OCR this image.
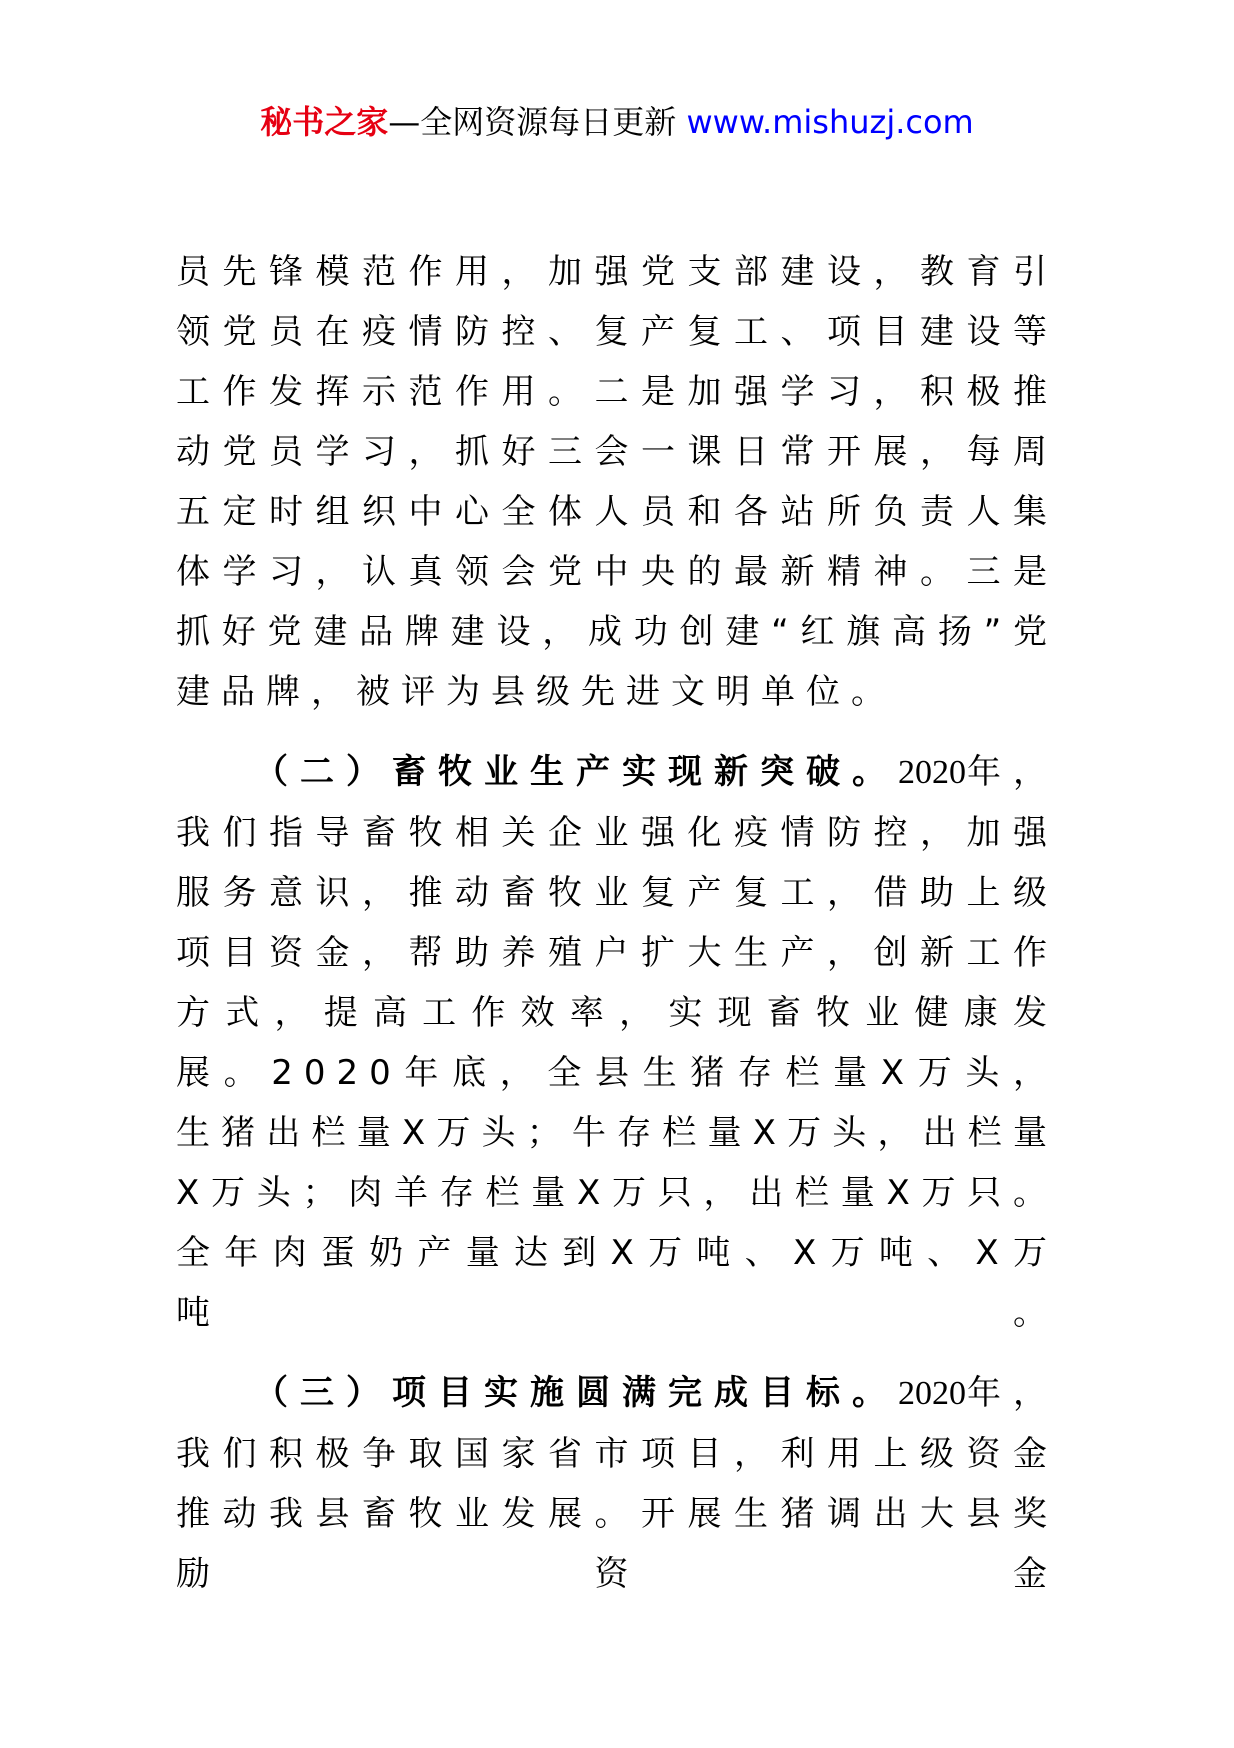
秘书之家—全网资源每日更新 www.mishuzj.com

员先锋模范作用，加强党支部建设，教育引领党员在疫情防控、复产复工、项目建设等工作发挥示范作用。二是加强学习，积极推动党员学习，抓好三会一课日常开展，每周五定时组织中心全体人员和各站所负责人集体学习，认真领会党中央的最新精神。三是抓好党建品牌建设，成功创建“红旗高扬”党建品牌，被评为县级先进文明单位。

（二）畜牧业生产实现新突破。2020年，我们指导畜牧相关企业强化疫情防控，加强服务意识，推动畜牧业复产复工，借助上级项目资金，帮助养殖户扩大生产，创新工作方式，提高工作效率，实现畜牧业健康发展。2020年底，全县生猪存栏量X万头，生猪出栏量X万头；牛存栏量X万头，出栏量X万头；肉羊存栏量X万只，出栏量X万只。全年肉蛋奶产量达到X万吨、X万吨、X万吨。

（三）项目实施圆满完成目标。2020年，我们积极争取国家省市项目，利用上级资金推动我县畜牧业发展。开展生猪调出大县奖励资金
